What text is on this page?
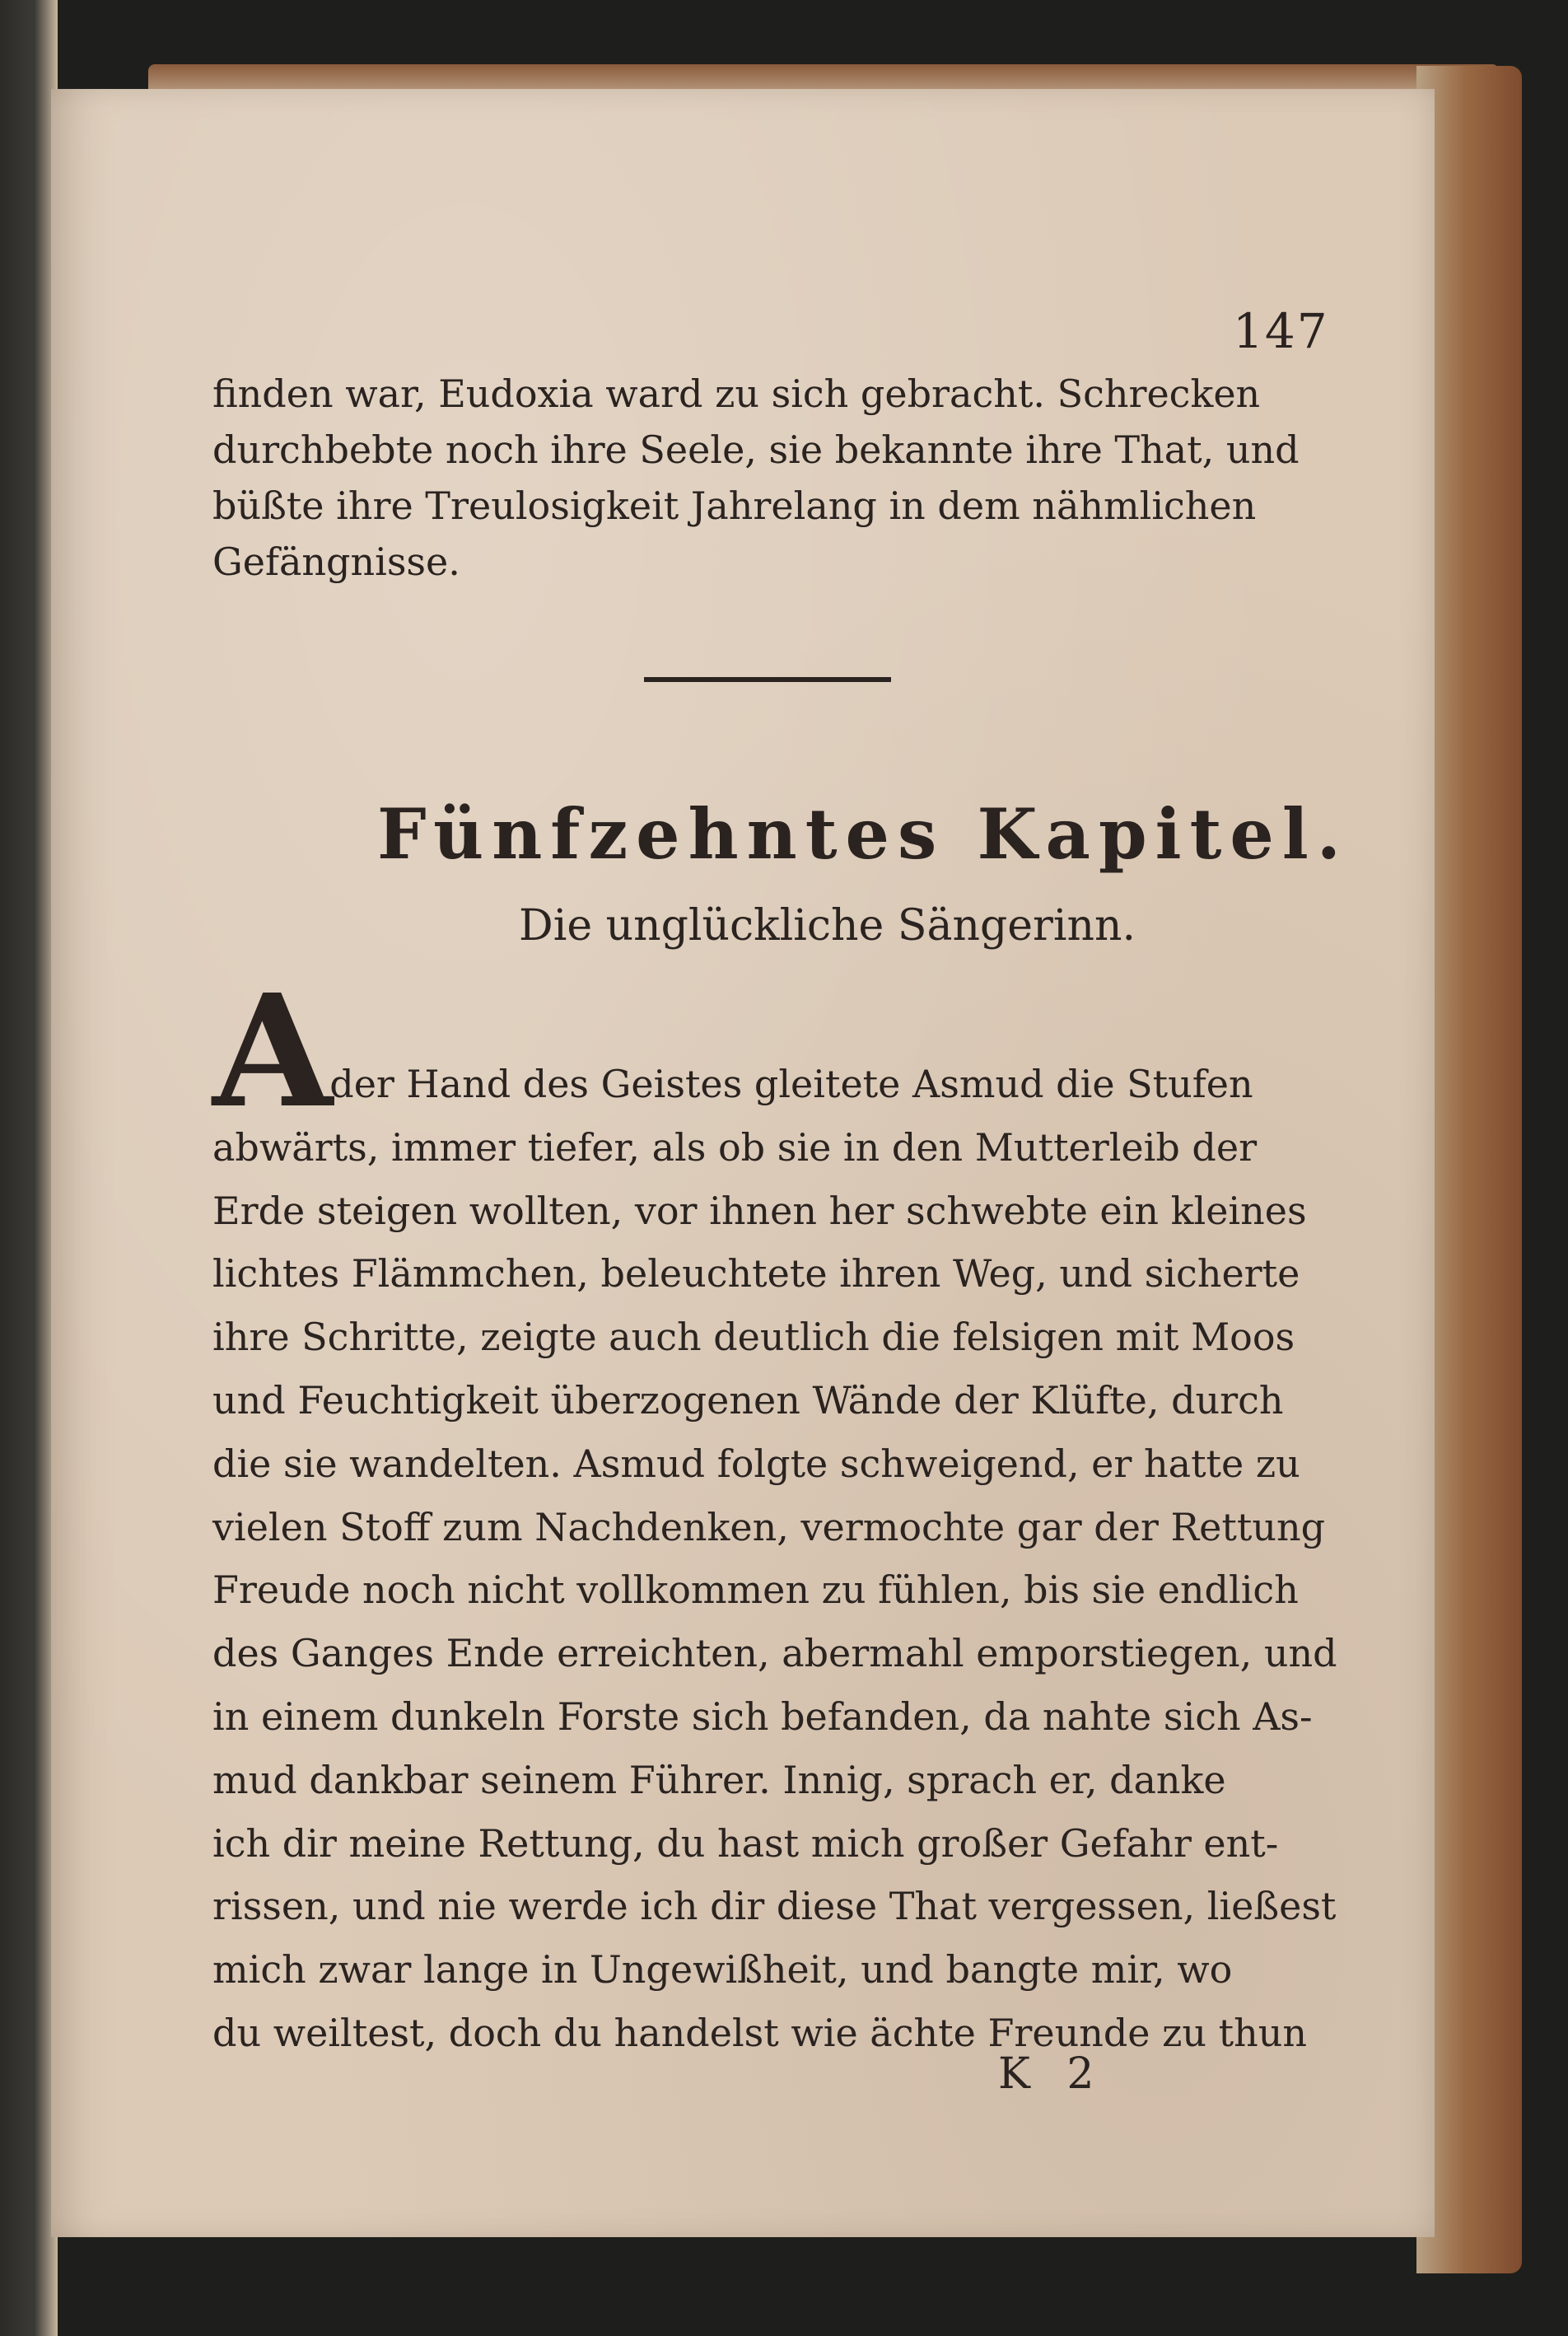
147
finden war, Eudoxia ward zu sich gebracht. Schrecken
durchbebte noch ihre Seele, sie bekannte ihre That, und
büßte ihre Treulosigkeit Jahrelang in dem nähmlichen
Gefängnisse.
Fünfzehntes Kapitel.
Die unglückliche Sängerinn.
A
n der Hand des Geistes gleitete Asmud die Stufen
abwärts, immer tiefer, als ob sie in den Mutterleib der
Erde steigen wollten, vor ihnen her schwebte ein kleines
lichtes Flämmchen, beleuchtete ihren Weg, und sicherte
ihre Schritte, zeigte auch deutlich die felsigen mit Moos
und Feuchtigkeit überzogenen Wände der Klüfte, durch
die sie wandelten. Asmud folgte schweigend, er hatte zu
vielen Stoff zum Nachdenken, vermochte gar der Rettung
Freude noch nicht vollkommen zu fühlen, bis sie endlich
des Ganges Ende erreichten, abermahl emporstiegen, und
in einem dunkeln Forste sich befanden, da nahte sich As-
mud dankbar seinem Führer. Innig, sprach er, danke
ich dir meine Rettung, du hast mich großer Gefahr ent-
rissen, und nie werde ich dir diese That vergessen, ließest
mich zwar lange in Ungewißheit, und bangte mir, wo
du weiltest, doch du handelst wie ächte Freunde zu thun
K 2
